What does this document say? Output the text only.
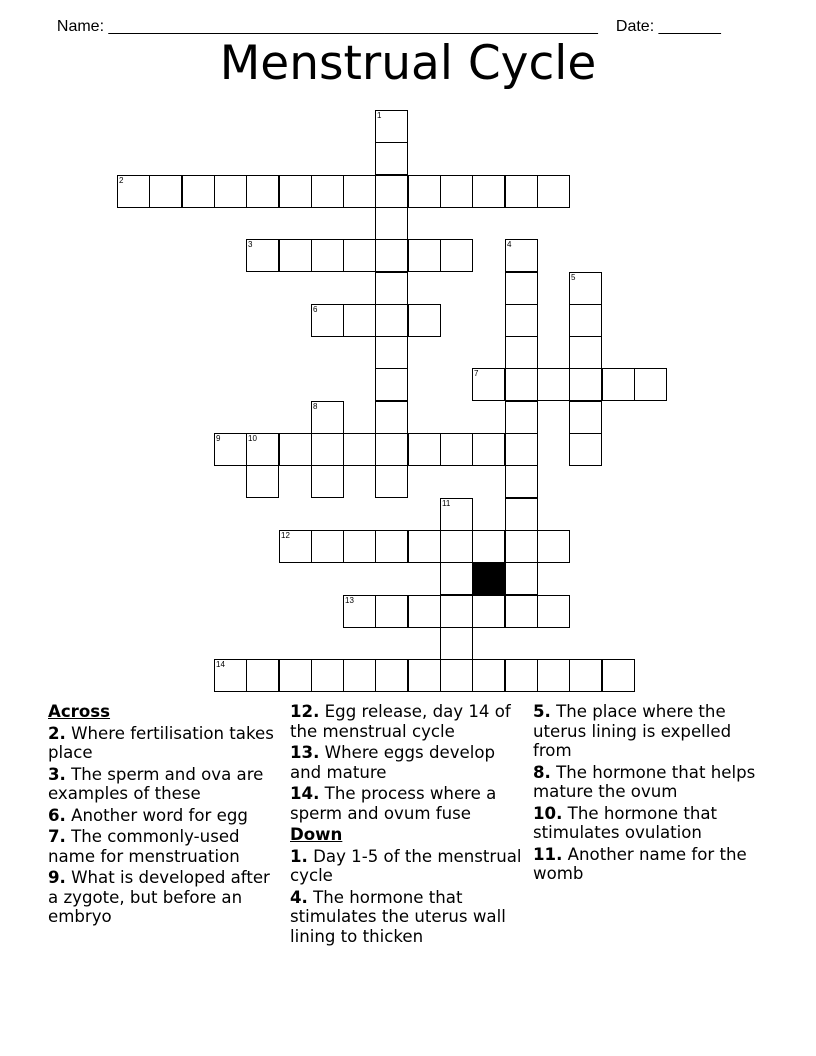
Name: _______________________________________________________ Date: _______

Menstrual Cycle
1
2
3	4
5
6
7
8
9	10
11
12
13
14
Across
2. Where fertilisation takes place
3. The sperm and ova are examples of these
6. Another word for egg
7. The commonly-used name for menstruation
9. What is developed after a zygote, but before an embryo
12. Egg release, day 14 of the menstrual cycle
13. Where eggs develop and mature
14. The process where a sperm and ovum fuse
Down
1. Day 1-5 of the menstrual cycle
4. The hormone that stimulates the uterus wall lining to thicken
5. The place where the uterus lining is expelled from
8. The hormone that helps mature the ovum
10. The hormone that stimulates ovulation
11. Another name for the womb
